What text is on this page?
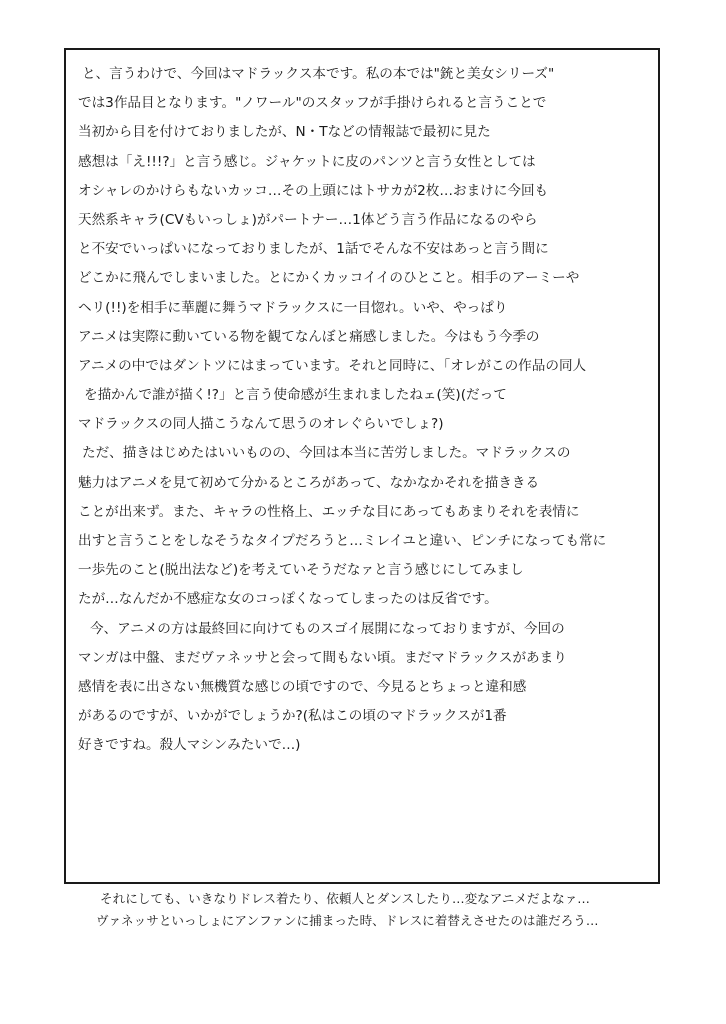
と、言うわけで、今回はマドラックス本です。私の本では"銃と美女シリーズ"
では3作品目となります。"ノワール"のスタッフが手掛けられると言うことで
当初から目を付けておりましたが、N・Tなどの情報誌で最初に見た
感想は「え!!!?」と言う感じ。ジャケットに皮のパンツと言う女性としては
オシャレのかけらもないカッコ…その上頭にはトサカが2枚…おまけに今回も
天然系キャラ(CVもいっしょ)がパートナー…1体どう言う作品になるのやら
と不安でいっぱいになっておりましたが、1話でそんな不安はあっと言う間に
どこかに飛んでしまいました。とにかくカッコイイのひとこと。相手のアーミーや
ヘリ(!!)を相手に華麗に舞うマドラックスに一目惚れ。いや、やっぱり
アニメは実際に動いている物を観てなんぼと痛感しました。今はもう今季の
アニメの中ではダントツにはまっています。それと同時に、「オレがこの作品の同人
を描かんで誰が描く!?」と言う使命感が生まれましたねェ(笑)(だって
マドラックスの同人描こうなんて思うのオレぐらいでしょ?)
ただ、描きはじめたはいいものの、今回は本当に苦労しました。マドラックスの
魅力はアニメを見て初めて分かるところがあって、なかなかそれを描ききる
ことが出来ず。また、キャラの性格上、エッチな目にあってもあまりそれを表情に
出すと言うことをしなそうなタイプだろうと…ミレイユと違い、ピンチになっても常に
一歩先のこと(脱出法など)を考えていそうだなァと言う感じにしてみまし
たが…なんだか不感症な女のコっぽくなってしまったのは反省です。
今、アニメの方は最終回に向けてものスゴイ展開になっておりますが、今回の
マンガは中盤、まだヴァネッサと会って間もない頃。まだマドラックスがあまり
感情を表に出さない無機質な感じの頃ですので、今見るとちょっと違和感
があるのですが、いかがでしょうか?(私はこの頃のマドラックスが1番
好きですね。殺人マシンみたいで…)
それにしても、いきなりドレス着たり、依頼人とダンスしたり…変なアニメだよなァ…
ヴァネッサといっしょにアンファンに捕まった時、ドレスに着替えさせたのは誰だろう…
